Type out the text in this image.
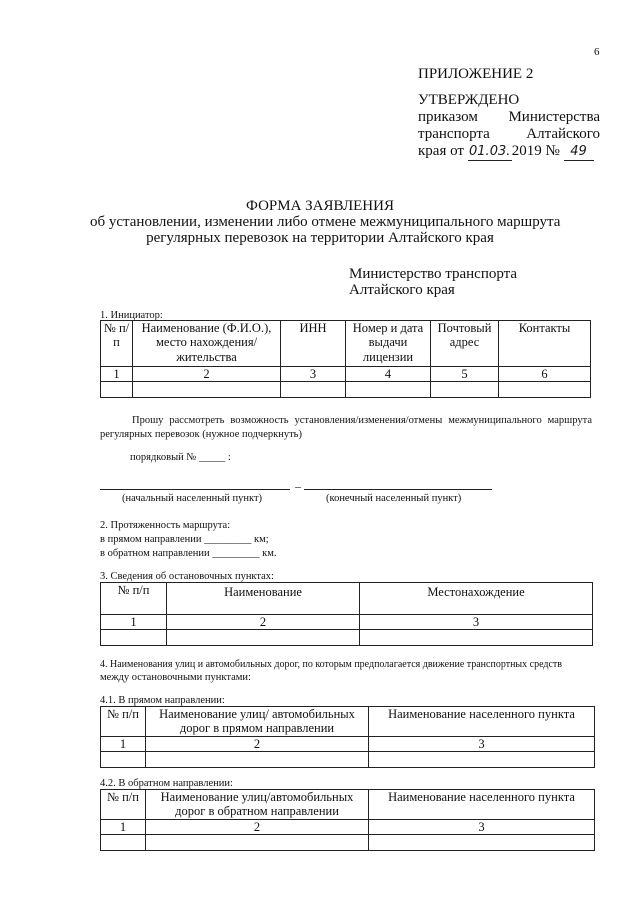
6
ПРИЛОЖЕНИЕ 2
УТВЕРЖДЕНО
приказом Министерства
транспорта Алтайского
края от 01.03.2019 № 49
ФОРМА ЗАЯВЛЕНИЯ
об установлении, изменении либо отмене межмуниципального маршрута
регулярных перевозок на территории Алтайского края
Министерство транспорта
Алтайского края
1. Инициатор:
№ п/п	Наименование (Ф.И.О.), место нахождения/жительства	ИНН	Номер и дата выдачи лицензии	Почтовый адрес	Контакты
1	2	3	4	5	6

Прошу рассмотреть возможность установления/изменения/отмены межмуниципального маршрута
регулярных перевозок (нужное подчеркнуть)
порядковый № _____ :
–
(начальный населенный пункт)	(конечный населенный пункт)
2. Протяженность маршрута:
в прямом направлении _________ км;
в обратном направлении _________ км.
3. Сведения об остановочных пунктах:
№ п/п	Наименование	Местонахождение
1	2	3

4. Наименования улиц и автомобильных дорог, по которым предполагается движение транспортных средств
между остановочными пунктами:
4.1. В прямом направлении:
№ п/п	Наименование улиц/ автомобильных дорог в прямом направлении	Наименование населенного пункта
1	2	3

4.2. В обратном направлении:
№ п/п	Наименование улиц/автомобильных дорог в обратном направлении	Наименование населенного пункта
1	2	3
